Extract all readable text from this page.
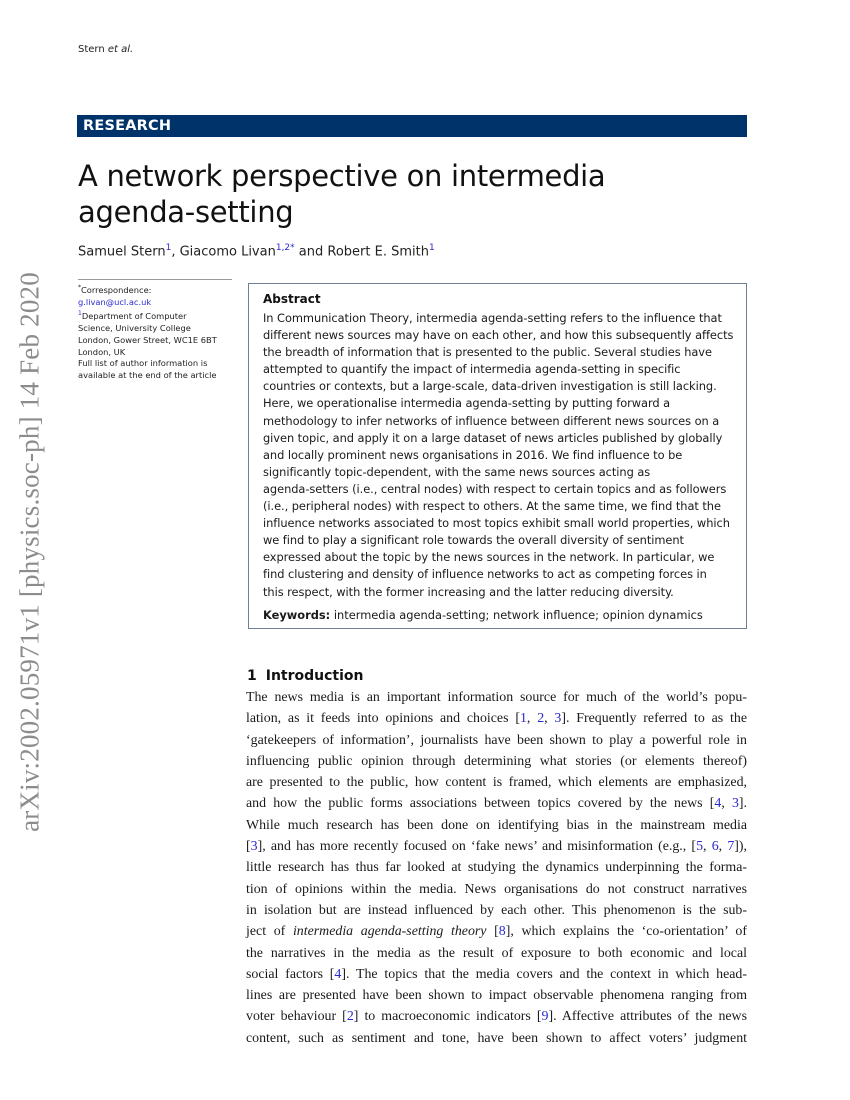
Stern et al.
RESEARCH
A network perspective on intermedia
agenda-setting
Samuel Stern$^1$, Giacomo Livan$^{1,2*}$ and Robert E. Smith$^1$
*Correspondence:
g.livan@ucl.ac.uk
$^1$Department of Computer
Science, University College
London, Gower Street, WC1E 6BT
London, UK
Full list of author information is
available at the end of the article
Abstract
In Communication Theory, intermedia agenda-setting refers to the influence that
different news sources may have on each other, and how this subsequently affects
the breadth of information that is presented to the public. Several studies have
attempted to quantify the impact of intermedia agenda-setting in specific
countries or contexts, but a large-scale, data-driven investigation is still lacking.
Here, we operationalise intermedia agenda-setting by putting forward a
methodology to infer networks of influence between different news sources on a
given topic, and apply it on a large dataset of news articles published by globally
and locally prominent news organisations in 2016. We find influence to be
significantly topic-dependent, with the same news sources acting as
agenda-setters (i.e., central nodes) with respect to certain topics and as followers
(i.e., peripheral nodes) with respect to others. At the same time, we find that the
influence networks associated to most topics exhibit small world properties, which
we find to play a significant role towards the overall diversity of sentiment
expressed about the topic by the news sources in the network. In particular, we
find clustering and density of influence networks to act as competing forces in
this respect, with the former increasing and the latter reducing diversity.
Keywords: intermedia agenda-setting; network influence; opinion dynamics
arXiv:2002.05971v1 [physics.soc-ph] 14 Feb 2020	1 Introduction
The news media is an important information source for much of the world’s popu-
lation, as it feeds into opinions and choices [1, 2, 3]. Frequently referred to as the
‘gatekeepers of information’, journalists have been shown to play a powerful role in
influencing public opinion through determining what stories (or elements thereof)
are presented to the public, how content is framed, which elements are emphasized,
and how the public forms associations between topics covered by the news [4, 3].
While much research has been done on identifying bias in the mainstream media
[3], and has more recently focused on ‘fake news’ and misinformation (e.g., [5, 6, 7]),
little research has thus far looked at studying the dynamics underpinning the forma-
tion of opinions within the media. News organisations do not construct narratives
in isolation but are instead influenced by each other. This phenomenon is the sub-
ject of intermedia agenda-setting theory [8], which explains the ‘co-orientation’ of
the narratives in the media as the result of exposure to both economic and local
social factors [4]. The topics that the media covers and the context in which head-
lines are presented have been shown to impact observable phenomena ranging from
voter behaviour [2] to macroeconomic indicators [9]. Affective attributes of the news
content, such as sentiment and tone, have been shown to affect voters’ judgment
